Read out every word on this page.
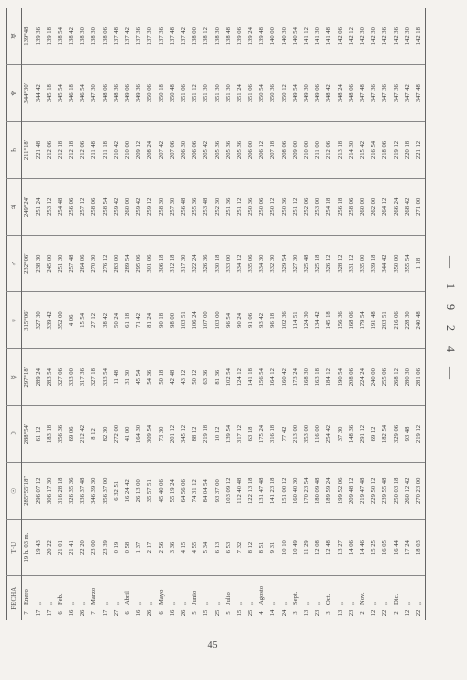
— 1 9 2 4 —
FECHA		T·U	☉	☽	☿	♀	♂	♃	♄	♆	♅
7	Enero	19 h. 03 m.	285°55′18″	288°54′	297°18′	315°06′	232°06′	249°24′	211°18′	344°30′	139°48
17	„	19 43	296 07 12	61 12	289 24	327 30	238 30	251 24	221 48	344 42	139 36
17	„	20 22	306 17 30	183 18	283 54	339 42	245 00	253 12	212 06	345 18	139 18
6	Feb.	21 01	316 28 18	356 36	327 06	352 00	251 30	254 48	212 18	345 54	138 54
16	„	21 41	326 35 36	69 06	333 00	4 06	257 48	256 06	212 18	346 18	138 42
26	„	22 20	336 37 48	212 42	317 36	15 54	264 06	257 12	212 06	346 54	138 30
7	Marzo	23 00	346 39 30	8 12	327 18	27 12	270 30	258 06	211 48	347 30	138 30
17	„	23 39	356 37 00	82 30	333 54	38 42	276 12	258 54	211 18	348 06	138 06
27	„	0 19	6 32 51	272 00	11 48	50 24	283 00	259 42	210 42	348 36	137 48
6	Abril	0 58	16 24 42	41 00	31 30	61 18	289 54	260 00	210 00	349 06	137 42
16	„	1 37	26 13 00	164 30	45 54	71 42	295 06	259 42	209 12	349 36	137 36
26	„	2 17	35 57 51	309 54	54 36	81 24	301 06	259 12	208 24	350 06	137 30
6	Mayo	2 56	45 40 06	73 30	50 18	90 18	306 18	258 30	207 42	350 18	137 36
16	„	3 36	55 19 24	201 12	42 48	98 00	312 18	257 30	207 06	350 48	137 48
26	„	4 15	64 56 06	345 12	43 12	103 51	317 30	256 48	206 30	351 06	137 42
5	Junio	4 55	74 31 12	88 12	50 12	106 24	322 24	255 36	206 06	351 12	138 00
15	„	5 34	84 04 54	219 18	63 36	107 00	326 36	253 48	205 42	351 30	138 12
25	„	6 13	93 37 00	10 12	81 36	103 00	330 18	252 30	205 36	351 30	138 30
5	Julio	6 53	103 09 12	139 54	102 54	96 54	333 00	251 36	205 36	351 30	138 48
15	„	7 32	112 40 48	317 12	124 12	90 24	334 12	251 12	205 36	351 24	139 06
25	„	8 12	122 13 18	63 18	141 18	91 06	335 06	250 36	206 00	351 06	139 24
4	Agosto	8 51	131 47 48	175 24	156 54	93 42	334 30	250 06	206 12	350 54	139 48
14	„	9 31	141 23 18	316 18	164 12	96 18	332 30	250 12	207 18	350 36	140 00
24	„	10 10	151 00 12	77 42	160 42	102 36	329 54	250 36	208 06	350 12	140 30
3	Sept.	10 49	160 40 30	213 00	173 24	114 51	327 30	251 12	209 00	349 54	140 54
13	„	11 29	170 23 54	353 00	168 30	124 30	325 48	252 06	210 00	349 30	141 12
23	„	12 08	180 09 48	116 00	163 18	134 42	325 18	253 00	211 00	349 06	141 30
3	Oct.	12 48	189 59 24	254 42	184 12	145 18	326 12	254 18	212 06	348 42	141 48
13	„	13 27	199 52 06	37 30	190 54	156 36	328 12	256 18	213 18	348 24	142 06
23	„	14 06	209 48 12	148 36	208 06	168 06	331 12	258 06	214 30	348 06	142 12
2	Nov.	14 46	219 47 48	291 12	224 24	179 54	335 00	260 00	215 42	347 48	142 30
12	„	15 25	229 50 12	69 12	240 00	191 48	339 18	262 00	216 54	347 36	142 30
22	„	16 05	239 55 48	182 54	255 06	203 51	344 42	264 12	218 06	347 36	142 36
2	Dic.	16 44	250 03 18	329 06	268 12	216 06	350 00	266 24	219 12	347 36	142 36
12	„	17 24	260 12 42	93 48	280 30	228 30	355 54	268 42	220 18	347 42	142 30
22	„	18 03	270 23 00	219 12	281 06	240 48	1 18	271 00	221 12	347 48	142 18
45
